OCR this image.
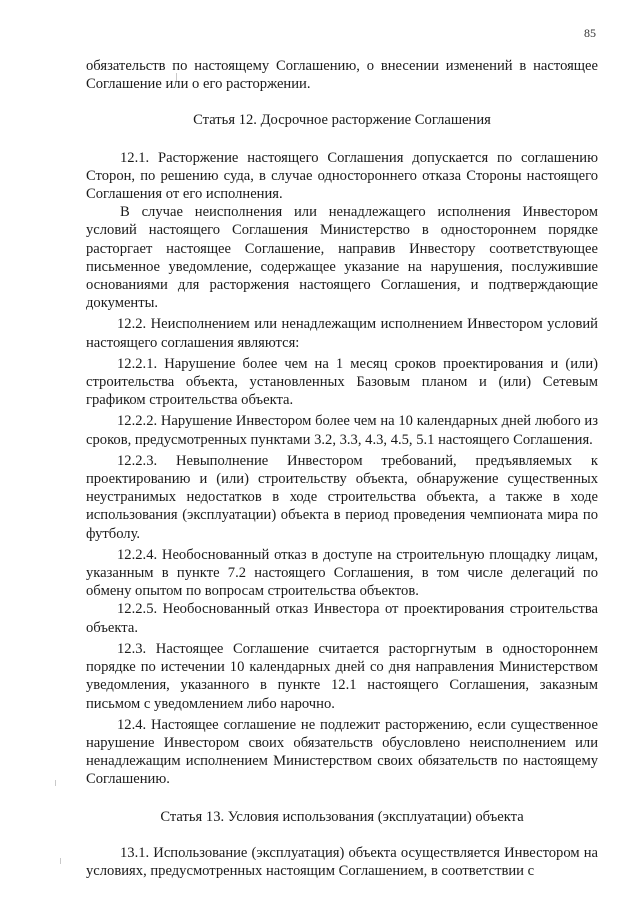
85

обязательств по настоящему Соглашению, о внесении изменений в настоящее Соглашение или о его расторжении.

Статья 12. Досрочное расторжение Соглашения

12.1. Расторжение настоящего Соглашения допускается по соглашению Сторон, по решению суда, в случае одностороннего отказа Стороны настоящего Соглашения от его исполнения.

В случае неисполнения или ненадлежащего исполнения Инвестором условий настоящего Соглашения Министерство в одностороннем порядке расторгает настоящее Соглашение, направив Инвестору соответствующее письменное уведомление, содержащее указание на нарушения, послужившие основаниями для расторжения настоящего Соглашения, и подтверждающие документы.

12.2. Неисполнением или ненадлежащим исполнением Инвестором условий настоящего соглашения являются:

12.2.1. Нарушение более чем на 1 месяц сроков проектирования и (или) строительства объекта, установленных Базовым планом и (или) Сетевым графиком строительства объекта.

12.2.2. Нарушение Инвестором более чем на 10 календарных дней любого из сроков, предусмотренных пунктами 3.2, 3.3, 4.3, 4.5, 5.1 настоящего Соглашения.

12.2.3. Невыполнение Инвестором требований, предъявляемых к проектированию и (или) строительству объекта, обнаружение существенных неустранимых недостатков в ходе строительства объекта, а также в ходе использования (эксплуатации) объекта в период проведения чемпионата мира по футболу.

12.2.4. Необоснованный отказ в доступе на строительную площадку лицам, указанным в пункте 7.2 настоящего Соглашения, в том числе делегаций по обмену опытом по вопросам строительства объектов.

12.2.5. Необоснованный отказ Инвестора от проектирования строительства объекта.

12.3. Настоящее Соглашение считается расторгнутым в одностороннем порядке по истечении 10 календарных дней со дня направления Министерством уведомления, указанного в пункте 12.1 настоящего Соглашения, заказным письмом с уведомлением либо нарочно.

12.4. Настоящее соглашение не подлежит расторжению, если существенное нарушение Инвестором своих обязательств обусловлено неисполнением или ненадлежащим исполнением Министерством своих обязательств по настоящему Соглашению.

Статья 13. Условия использования (эксплуатации) объекта

13.1. Использование (эксплуатация) объекта осуществляется Инвестором на условиях, предусмотренных настоящим Соглашением, в соответствии с
